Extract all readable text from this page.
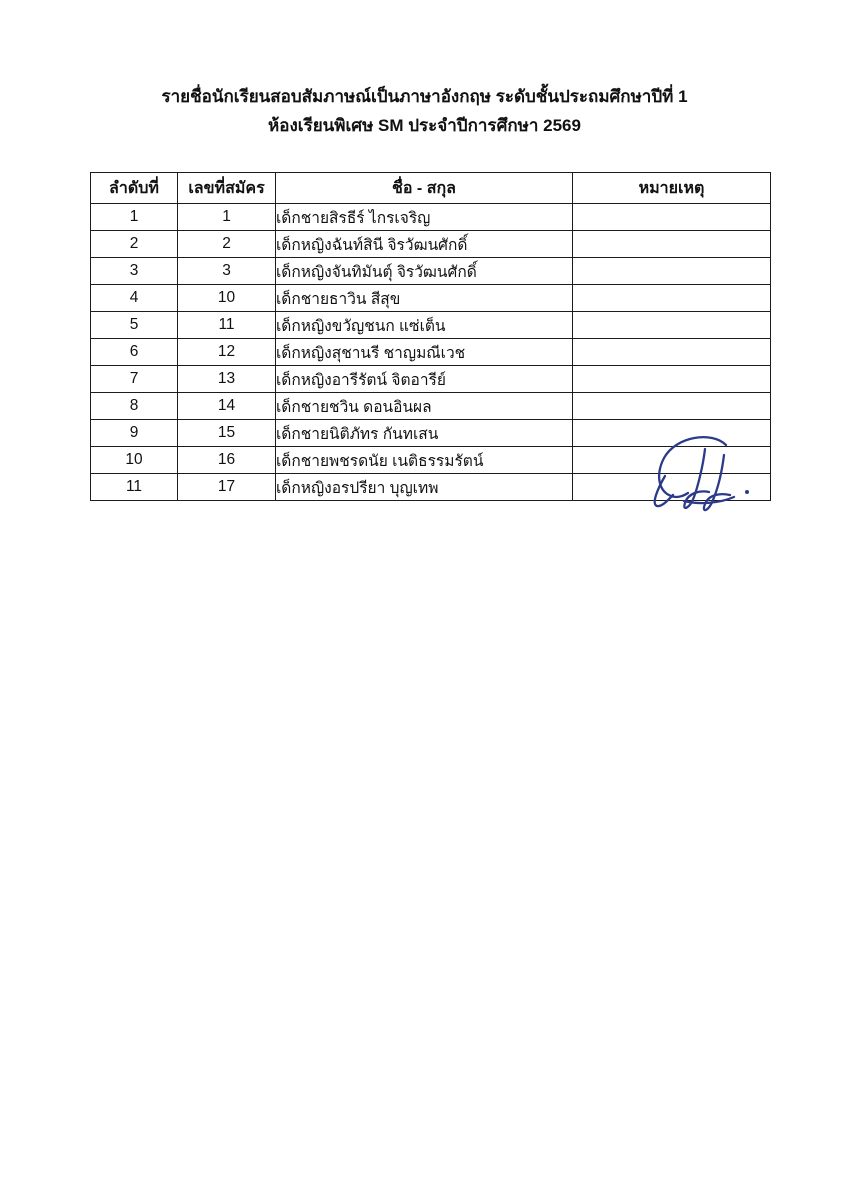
รายชื่อนักเรียนสอบสัมภาษณ์เป็นภาษาอังกฤษ ระดับชั้นประถมศึกษาปีที่ 1
ห้องเรียนพิเศษ SM ประจำปีการศึกษา 2569
ลำดับที่	เลขที่สมัคร	ชื่อ - สกุล	หมายเหตุ
1	1	เด็กชายสิรธีร์ ไกรเจริญ	
2	2	เด็กหญิงฉันท์สินี จิรวัฒนศักดิ์	
3	3	เด็กหญิงจันทิมันตุ์ จิรวัฒนศักดิ์	
4	10	เด็กชายธาวิน สีสุข	
5	11	เด็กหญิงขวัญชนก แซ่เต็น	
6	12	เด็กหญิงสุชานรี ชาญมณีเวช	
7	13	เด็กหญิงอารีรัตน์ จิตอารีย์	
8	14	เด็กชายชวิน ดอนอินผล	
9	15	เด็กชายนิติภัทร กันทเสน	
10	16	เด็กชายพชรดนัย เนติธรรมรัตน์	
11	17	เด็กหญิงอรปรียา บุญเทพ	
